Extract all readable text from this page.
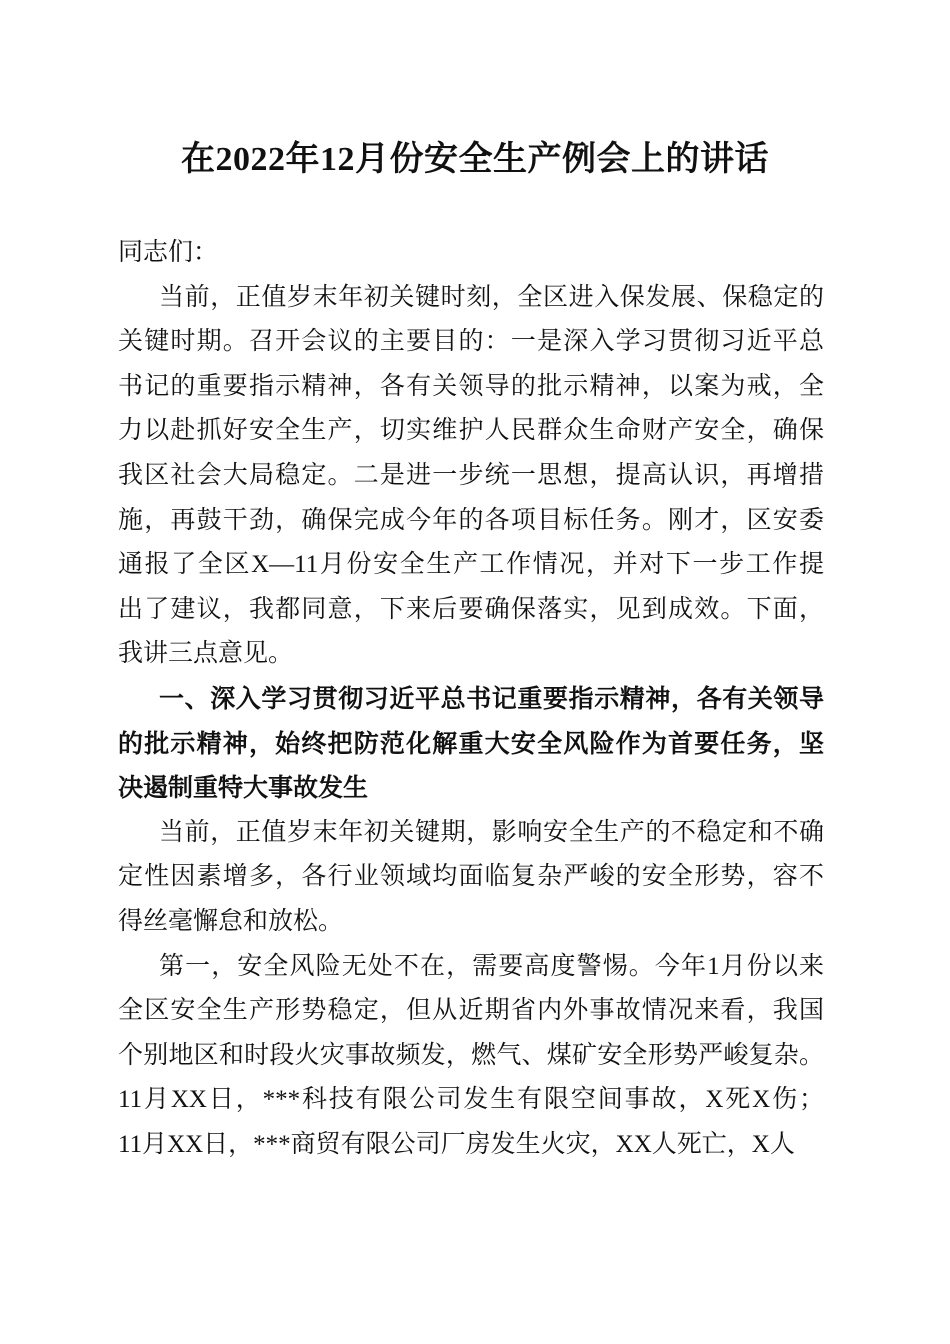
在2022年12月份安全生产例会上的讲话
同志们：
当前，正值岁末年初关键时刻，全区进入保发展、保稳定的
关键时期。召开会议的主要目的：一是深入学习贯彻习近平总
书记的重要指示精神，各有关领导的批示精神，以案为戒，全
力以赴抓好安全生产，切实维护人民群众生命财产安全，确保
我区社会大局稳定。二是进一步统一思想，提高认识，再增措
施，再鼓干劲，确保完成今年的各项目标任务。刚才，区安委
通报了全区X—11月份安全生产工作情况，并对下一步工作提
出了建议，我都同意，下来后要确保落实，见到成效。下面，
我讲三点意见。
一、深入学习贯彻习近平总书记重要指示精神，各有关领导
的批示精神，始终把防范化解重大安全风险作为首要任务，坚
决遏制重特大事故发生
当前，正值岁末年初关键期，影响安全生产的不稳定和不确
定性因素增多，各行业领域均面临复杂严峻的安全形势，容不
得丝毫懈怠和放松。
第一，安全风险无处不在，需要高度警惕。今年1月份以来
全区安全生产形势稳定，但从近期省内外事故情况来看，我国
个别地区和时段火灾事故频发，燃气、煤矿安全形势严峻复杂。
11月XX日，***科技有限公司发生有限空间事故，X死X伤；
11月XX日，***商贸有限公司厂房发生火灾，XX人死亡，X人
